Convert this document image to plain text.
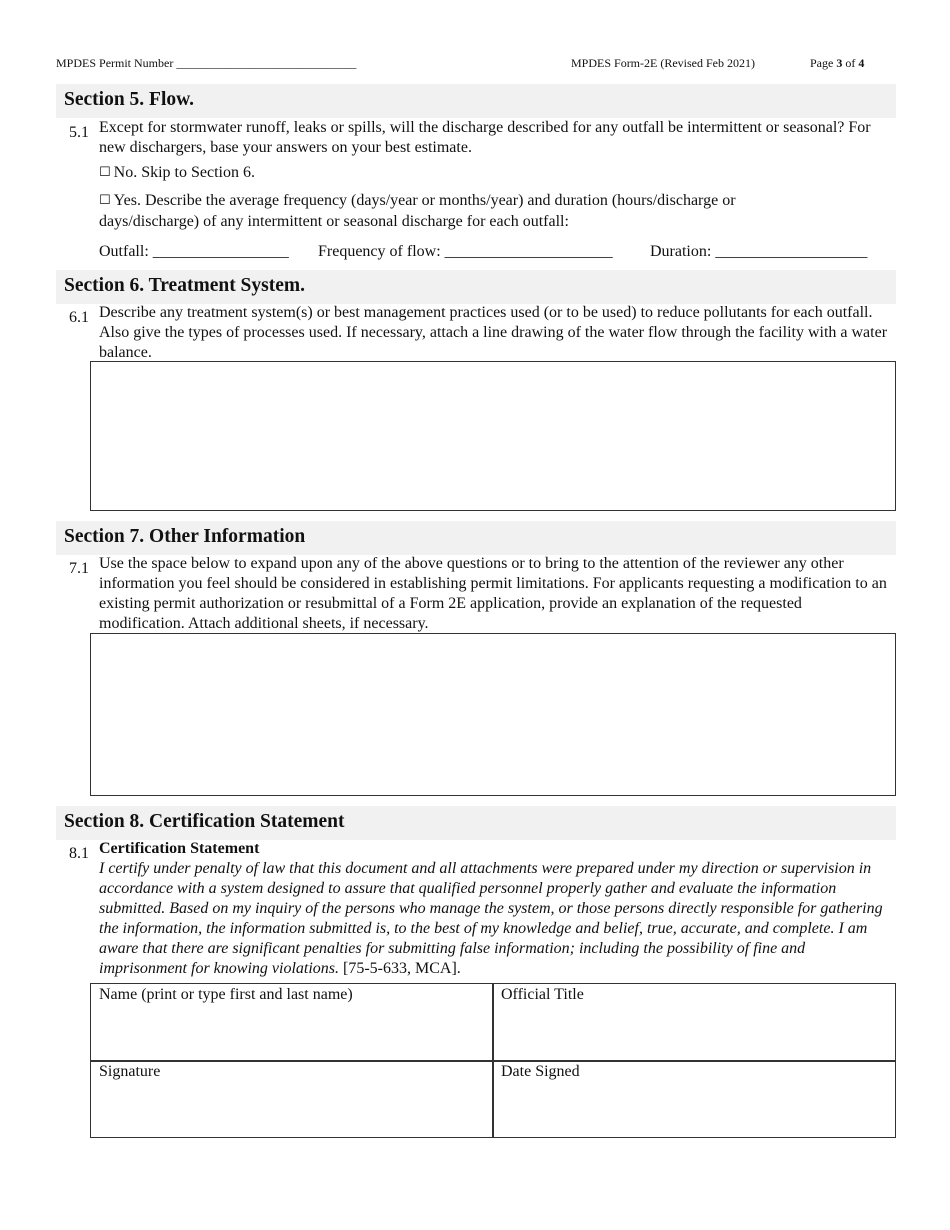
MPDES Permit Number ______________________________	MPDES Form-2E (Revised Feb 2021)	Page 3 of 4
Section 5. Flow.
5.1 Except for stormwater runoff, leaks or spills, will the discharge described for any outfall be intermittent or seasonal? For new dischargers, base your answers on your best estimate.
☐ No. Skip to Section 6.
☐ Yes. Describe the average frequency (days/year or months/year) and duration (hours/discharge or days/discharge) of any intermittent or seasonal discharge for each outfall:
Outfall: _________________ Frequency of flow: _____________________ Duration: ___________________
Section 6. Treatment System.
6.1 Describe any treatment system(s) or best management practices used (or to be used) to reduce pollutants for each outfall. Also give the types of processes used. If necessary, attach a line drawing of the water flow through the facility with a water balance.
Section 7. Other Information
7.1 Use the space below to expand upon any of the above questions or to bring to the attention of the reviewer any other information you feel should be considered in establishing permit limitations. For applicants requesting a modification to an existing permit authorization or resubmittal of a Form 2E application, provide an explanation of the requested modification. Attach additional sheets, if necessary.
Section 8. Certification Statement
8.1 Certification Statement
I certify under penalty of law that this document and all attachments were prepared under my direction or supervision in accordance with a system designed to assure that qualified personnel properly gather and evaluate the information submitted. Based on my inquiry of the persons who manage the system, or those persons directly responsible for gathering the information, the information submitted is, to the best of my knowledge and belief, true, accurate, and complete. I am aware that there are significant penalties for submitting false information; including the possibility of fine and imprisonment for knowing violations. [75-5-633, MCA].
Name (print or type first and last name)	Official Title
Signature	Date Signed
